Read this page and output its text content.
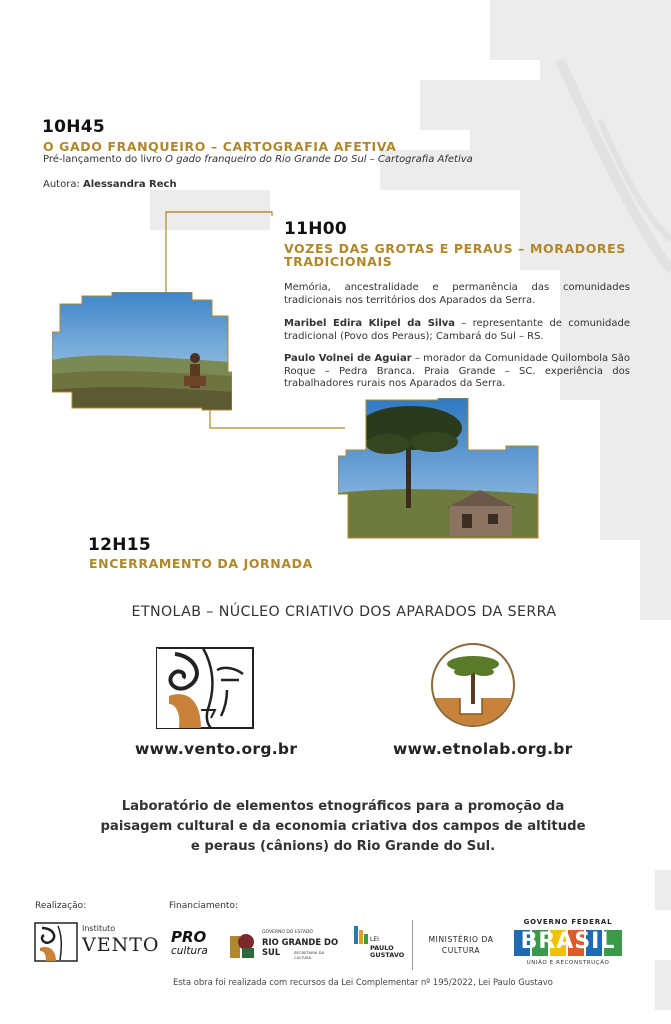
10H45
O GADO FRANQUEIRO – CARTOGRAFIA AFETIVA
Pré-lançamento do livro O gado franqueiro do Rio Grande Do Sul – Cartografia Afetiva
Autora: Alessandra Rech
11H00
VOZES DAS GROTAS E PERAUS – MORADORES TRADICIONAIS
Memória, ancestralidade e permanência das comunidades tradicionais nos territórios dos Aparados da Serra.
Maribel Edira Klipel da Silva – representante de comunidade tradicional (Povo dos Peraus); Cambará do Sul – RS.
Paulo Volnei de Aguiar – morador da Comunidade Quilombola São Roque – Pedra Branca. Praia Grande – SC. experiência dos trabalhadores rurais nos Aparados da Serra.
12H15
ENCERRAMENTO DA JORNADA
ETNOLAB – NÚCLEO CRIATIVO DOS APARADOS DA SERRA
www.vento.org.br	www.etnolab.org.br
Laboratório de elementos etnográficos para a promoção da paisagem cultural e da economia criativa dos campos de altitude e peraus (cânions) do Rio Grande do Sul.
Realização:	Financiamento:
Instituto
VENTO PRO
cultura
GOVERNO DO ESTADO
RIO GRANDE DO SUL	SECRETARIA DA CULTURA
LEI
PAULO
GUSTAVO
MINISTÉRIO DA
CULTURA
GOVERNO FEDERAL
BRASIL
UNIÃO E RECONSTRUÇÃO
Esta obra foi realizada com recursos da Lei Complementar nº 195/2022, Lei Paulo Gustavo
